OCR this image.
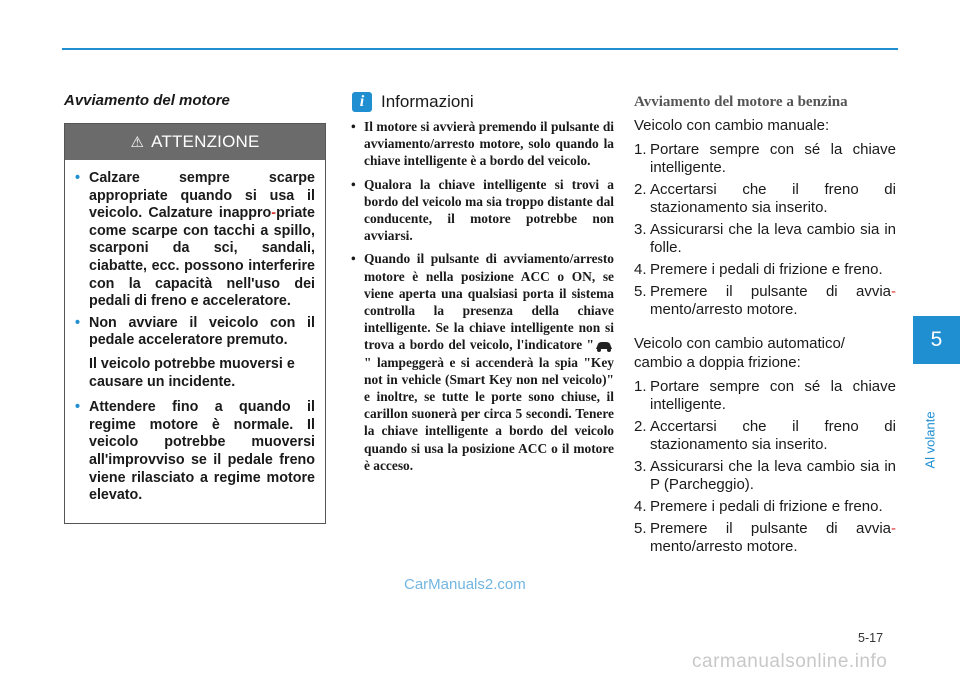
Avviamento del motore
⚠ ATTENZIONE
• Calzare sempre scarpe appropriate quando si usa il veicolo. Calzature inappro-priate come scarpe con tacchi a spillo, scarponi da sci, sandali, ciabatte, ecc. possono interferire con la capacità nell'uso dei pedali di freno e acceleratore.
• Non avviare il veicolo con il pedale acceleratore premuto.
Il veicolo potrebbe muoversi e causare un incidente.
• Attendere fino a quando il regime motore è normale. Il veicolo potrebbe muoversi all'improvviso se il pedale freno viene rilasciato a regime motore elevato.
i Informazioni
• Il motore si avvierà premendo il pulsante di avviamento/arresto motore, solo quando la chiave intelligente è a bordo del veicolo.
• Qualora la chiave intelligente si trovi a bordo del veicolo ma sia troppo distante dal conducente, il motore potrebbe non avviarsi.
• Quando il pulsante di avviamento/arresto motore è nella posizione ACC o ON, se viene aperta una qualsiasi porta il sistema controlla la presenza della chiave intelligente. Se la chiave intelligente non si trova a bordo del veicolo, l'indicatore "" lampeggerà e si accenderà la spia "Key not in vehicle (Smart Key non nel veicolo)" e inoltre, se tutte le porte sono chiuse, il carillon suonerà per circa 5 secondi. Tenere la chiave intelligente a bordo del veicolo quando si usa la posizione ACC o il motore è acceso.
Avviamento del motore a benzina
Veicolo con cambio manuale:
1. Portare sempre con sé la chiave intelligente.
2. Accertarsi che il freno di stazionamento sia inserito.
3. Assicurarsi che la leva cambio sia in folle.
4. Premere i pedali di frizione e freno.
5. Premere il pulsante di avvia-mento/arresto motore.
Veicolo con cambio automatico/ cambio a doppia frizione:
1. Portare sempre con sé la chiave intelligente.
2. Accertarsi che il freno di stazionamento sia inserito.
3. Assicurarsi che la leva cambio sia in P (Parcheggio).
4. Premere i pedali di frizione e freno.
5. Premere il pulsante di avvia-mento/arresto motore.
5
Al volante
CarManuals2.com
5-17
carmanualsonline.info
